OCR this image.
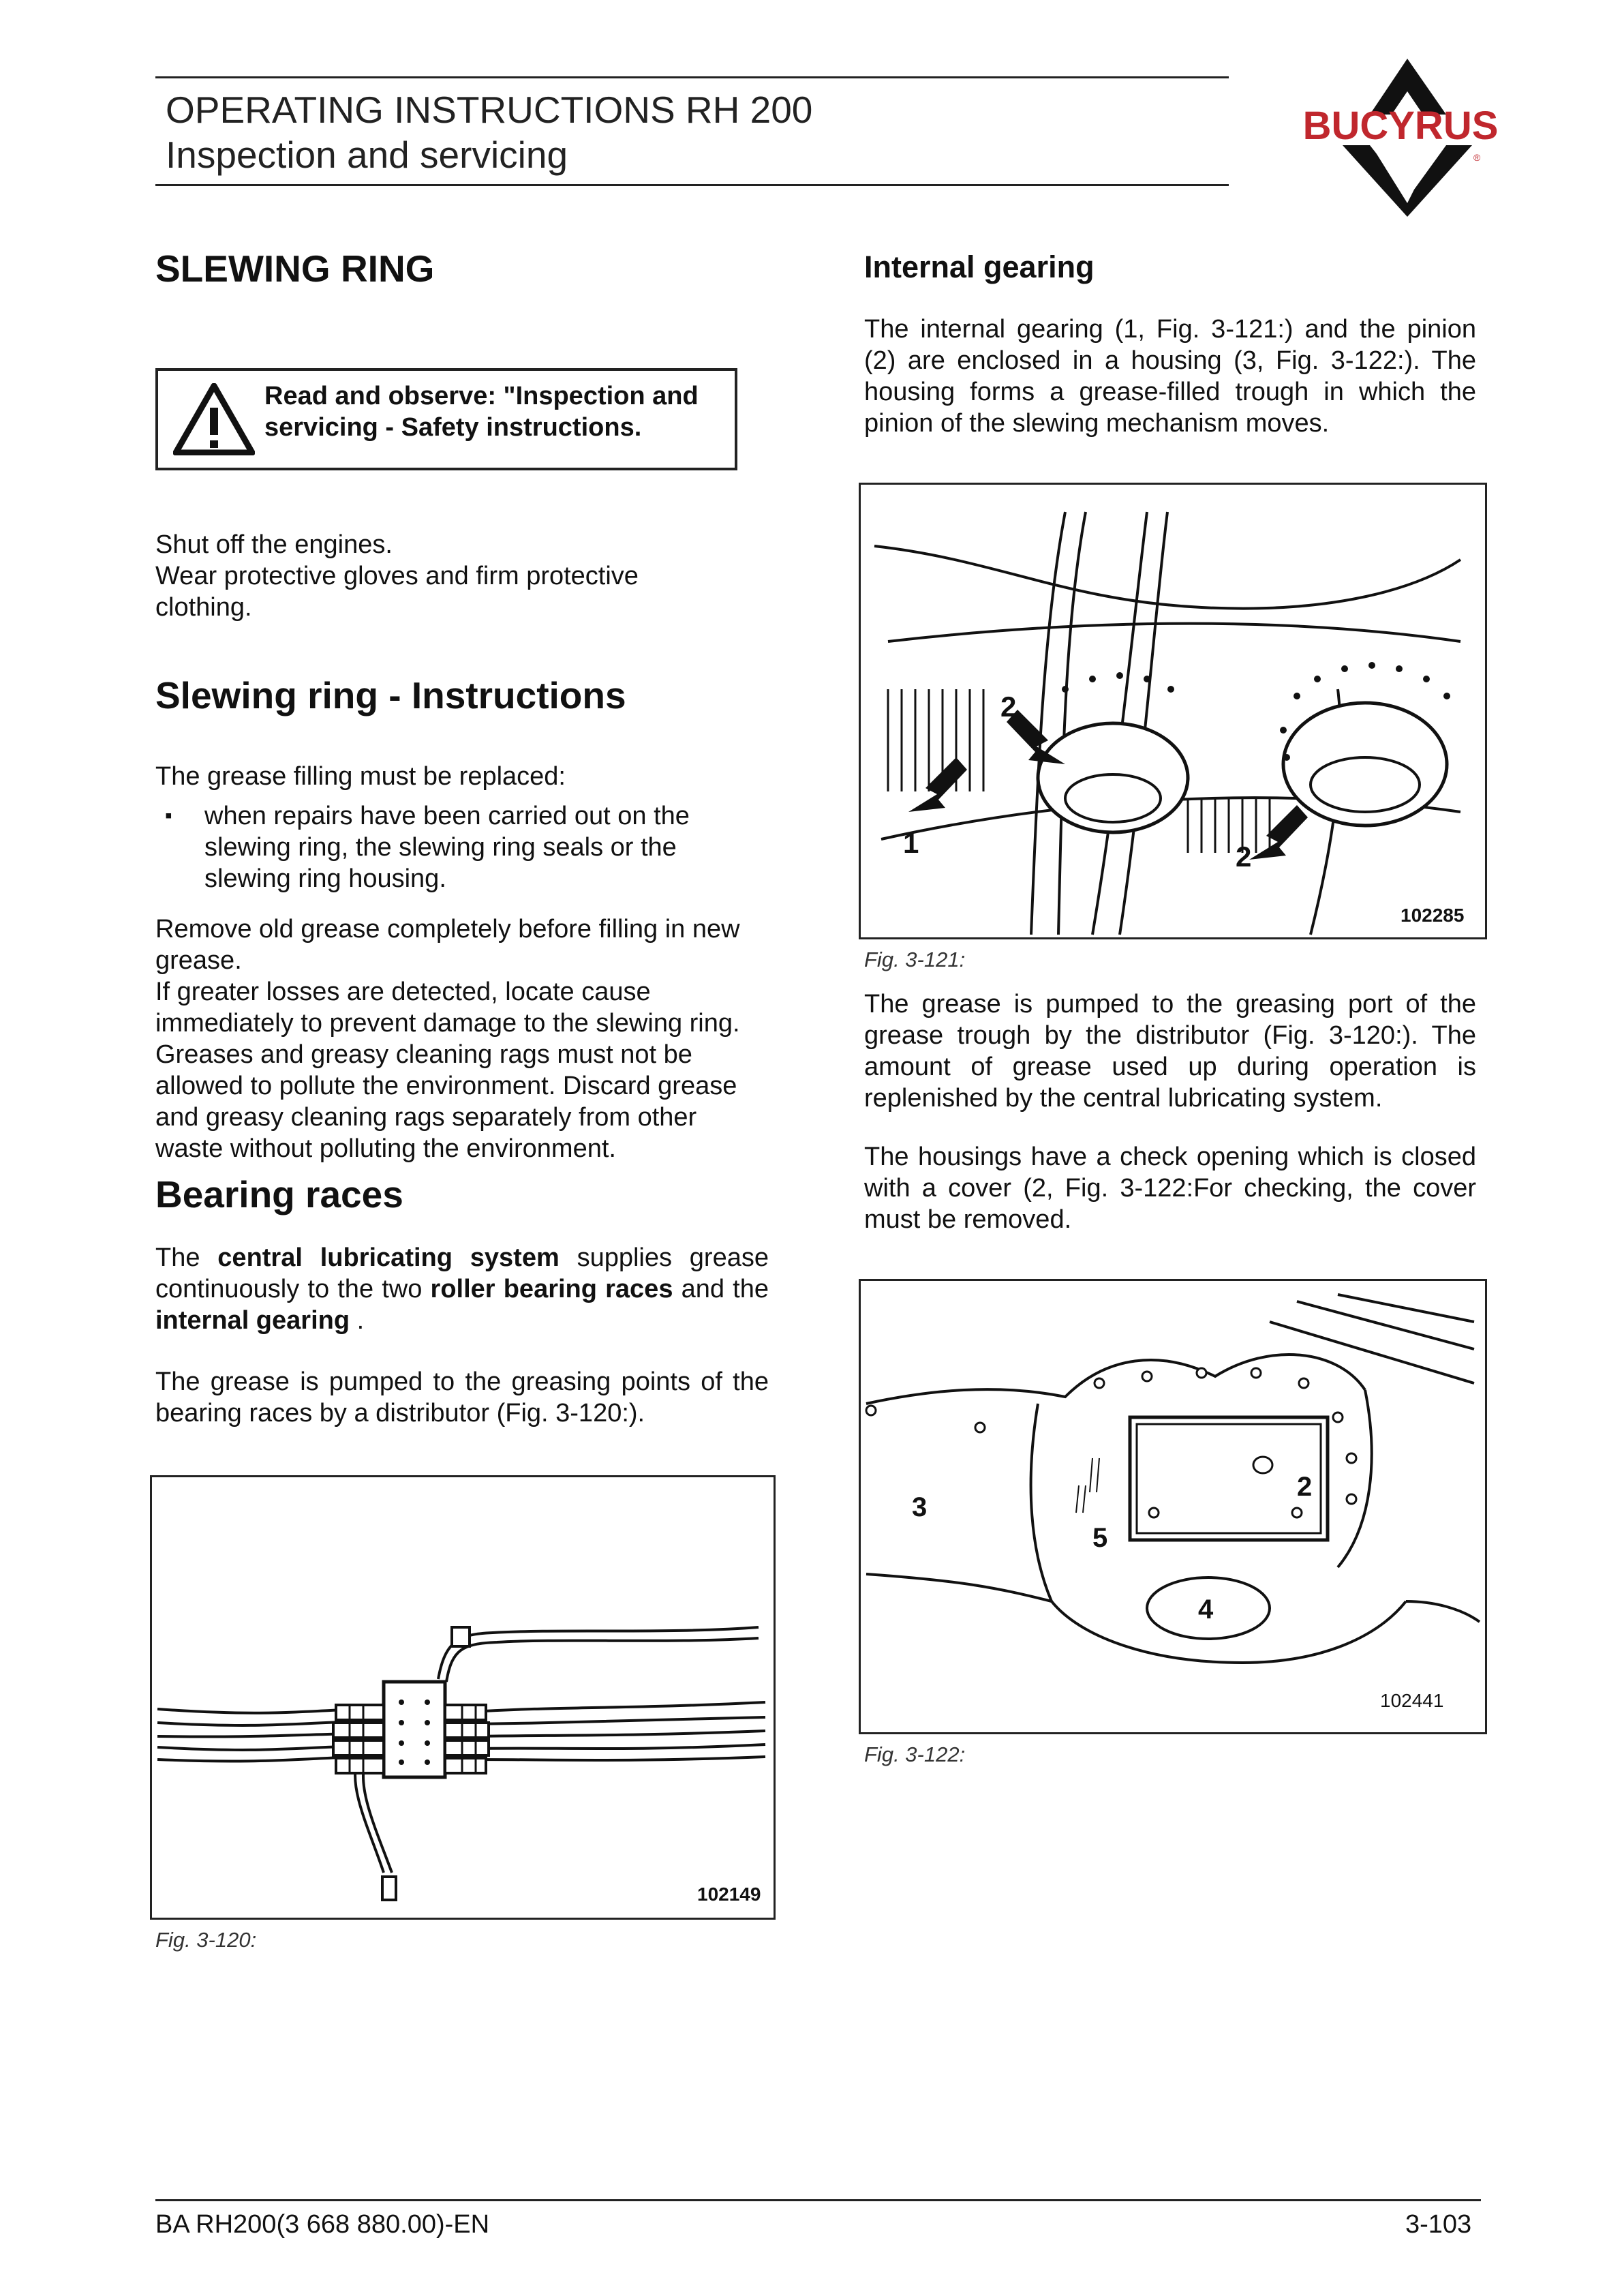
OPERATING INSTRUCTIONS RH 200
Inspection and servicing
BUCYRUS
®
SLEWING RING
Read and observe: "Inspection and servicing - Safety instructions.
Shut off the engines.
Wear protective gloves and firm protective clothing.
Slewing ring - Instructions
The grease filling must be replaced:
▪ when repairs have been carried out on the slewing ring, the slewing ring seals or the slewing ring housing.
Remove old grease completely before filling in new grease.
If greater losses are detected, locate cause immediately to prevent damage to the slewing ring.
Greases and greasy cleaning rags must not be allowed to pollute the environment. Discard grease and greasy cleaning rags separately from other waste without polluting the environment.
Bearing races
The central lubricating system supplies grease continuously to the two roller bearing races and the internal gearing .
The grease is pumped to the greasing points of the bearing races by a distributor (Fig. 3-120:).
102149
Fig. 3-120:
Internal gearing
The internal gearing (1, Fig. 3-121:) and the pinion (2) are enclosed in a housing (3, Fig. 3-122:). The housing forms a grease-filled trough in which the pinion of the slewing mechanism moves.
2
1	2
102285
Fig. 3-121:
The grease is pumped to the greasing port of the grease trough by the distributor (Fig. 3-120:). The amount of grease used up during operation is replenished by the central lubricating system.
The housings have a check opening which is closed with a cover (2, Fig. 3-122:For checking, the cover must be removed.
3
5
2
4
102441
Fig. 3-122:
BA RH200(3 668 880.00)-EN	3-103
